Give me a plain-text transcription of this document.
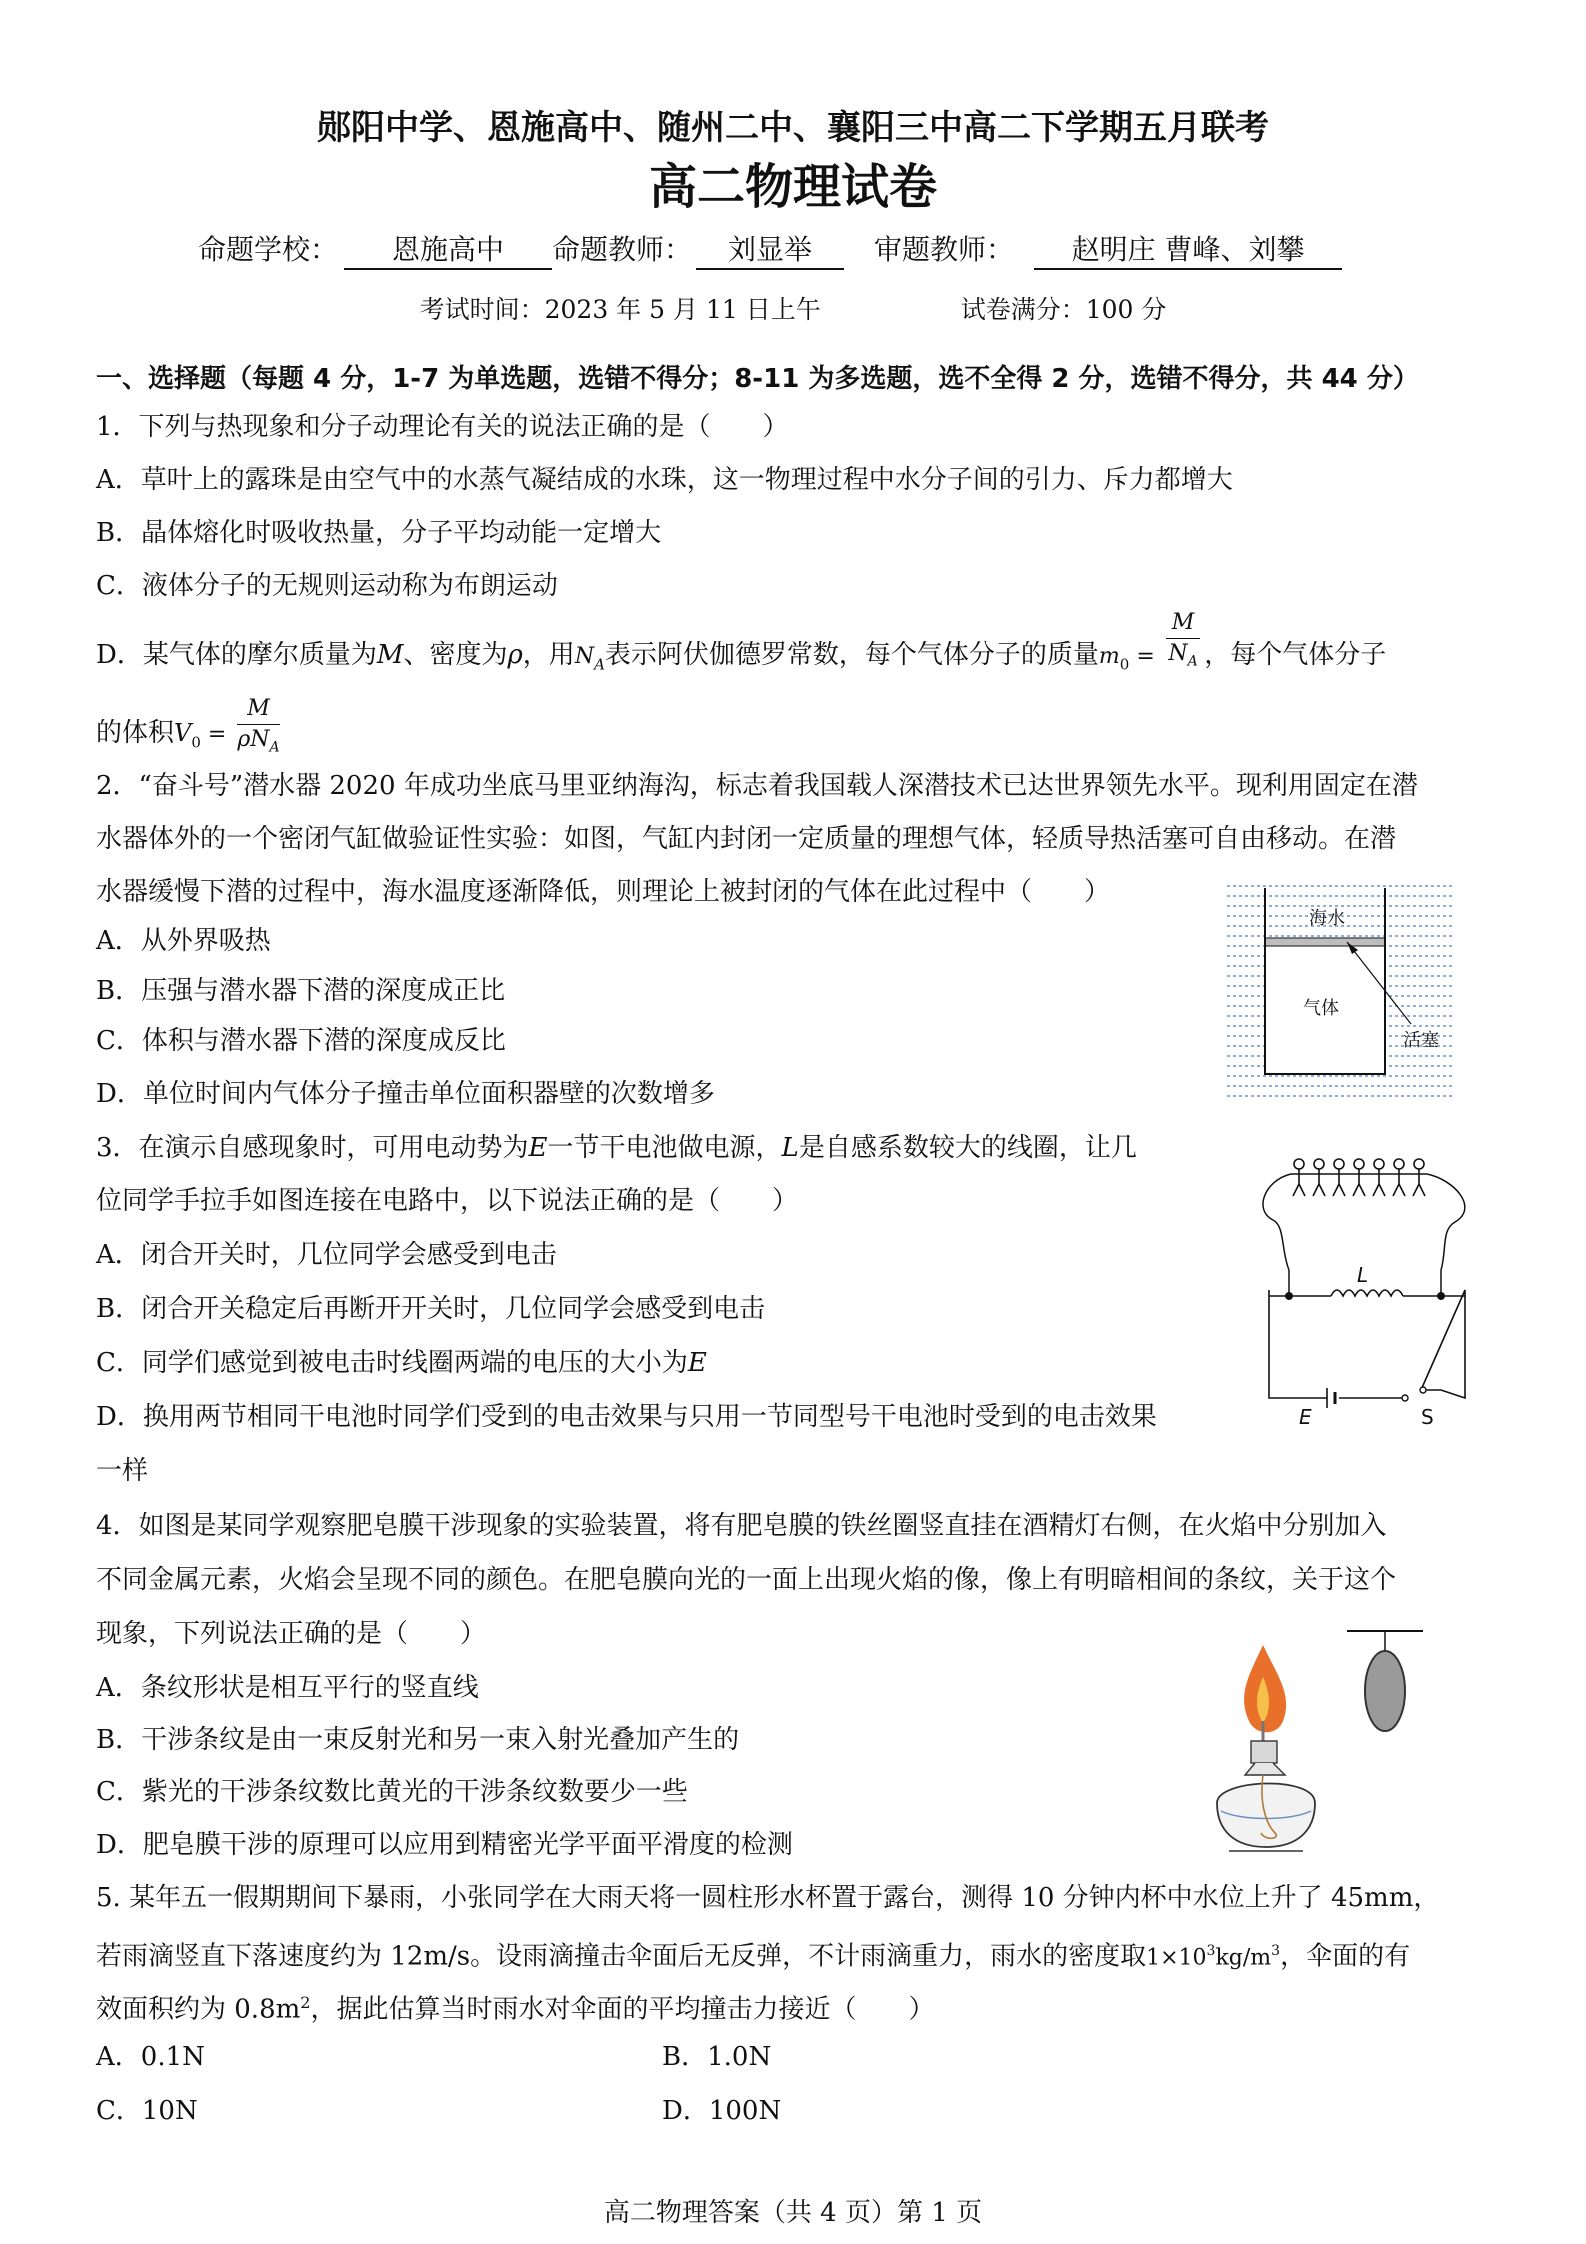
郧阳中学、恩施高中、随州二中、襄阳三中高二下学期五月联考
高二物理试卷
命题学校： 恩施高中 命题教师： 刘显举 审题教师： 赵明庄 曹峰、刘攀
考试时间：2023 年 5 月 11 日上午	试卷满分：100 分
一、选择题（每题 4 分，1-7 为单选题，选错不得分；8-11 为多选题，选不全得 2 分，选错不得分，共 44 分）
1．下列与热现象和分子动理论有关的说法正确的是（　　）
A．草叶上的露珠是由空气中的水蒸气凝结成的水珠，这一物理过程中水分子间的引力、斥力都增大
B．晶体熔化时吸收热量，分子平均动能一定增大
C．液体分子的无规则运动称为布朗运动
D．某气体的摩尔质量为M、密度为ρ，用$N_A$表示阿伏伽德罗常数，每个气体分子的质量$m_0 = \frac{M}{N_A}$ ，每个气体分子
的体积$V_0 = \frac{M}{\rho N_A}$
2．“奋斗号”潜水器 2020 年成功坐底马里亚纳海沟，标志着我国载人深潜技术已达世界领先水平。现利用固定在潜
水器体外的一个密闭气缸做验证性实验：如图，气缸内封闭一定质量的理想气体，轻质导热活塞可自由移动。在潜
水器缓慢下潜的过程中，海水温度逐渐降低，则理论上被封闭的气体在此过程中（　　）
A．从外界吸热
B．压强与潜水器下潜的深度成正比
C．体积与潜水器下潜的深度成反比
D．单位时间内气体分子撞击单位面积器壁的次数增多
海水
气体
活塞
3．在演示自感现象时，可用电动势为E一节干电池做电源，L是自感系数较大的线圈，让几
位同学手拉手如图连接在电路中，以下说法正确的是（　　）
A．闭合开关时，几位同学会感受到电击
B．闭合开关稳定后再断开开关时，几位同学会感受到电击
C．同学们感觉到被电击时线圈两端的电压的大小为E
D．换用两节相同干电池时同学们受到的电击效果与只用一节同型号干电池时受到的电击效果
一样
L
E	S
4．如图是某同学观察肥皂膜干涉现象的实验装置，将有肥皂膜的铁丝圈竖直挂在酒精灯右侧，在火焰中分别加入
不同金属元素，火焰会呈现不同的颜色。在肥皂膜向光的一面上出现火焰的像，像上有明暗相间的条纹，关于这个
现象，下列说法正确的是（　　）
A．条纹形状是相互平行的竖直线
B．干涉条纹是由一束反射光和另一束入射光叠加产生的
C．紫光的干涉条纹数比黄光的干涉条纹数要少一些
D．肥皂膜干涉的原理可以应用到精密光学平面平滑度的检测
5. 某年五一假期期间下暴雨，小张同学在大雨天将一圆柱形水杯置于露台，测得 10 分钟内杯中水位上升了 45mm，
若雨滴竖直下落速度约为 12m/s。设雨滴撞击伞面后无反弹，不计雨滴重力，雨水的密度取$1\times 10^3kg/m^3$，伞面的有
效面积约为 $0.8m^2$，据此估算当时雨水对伞面的平均撞击力接近（　　）
A．0.1N	B．1.0N
C．10N	D．100N
高二物理答案（共 4 页）第 1 页
